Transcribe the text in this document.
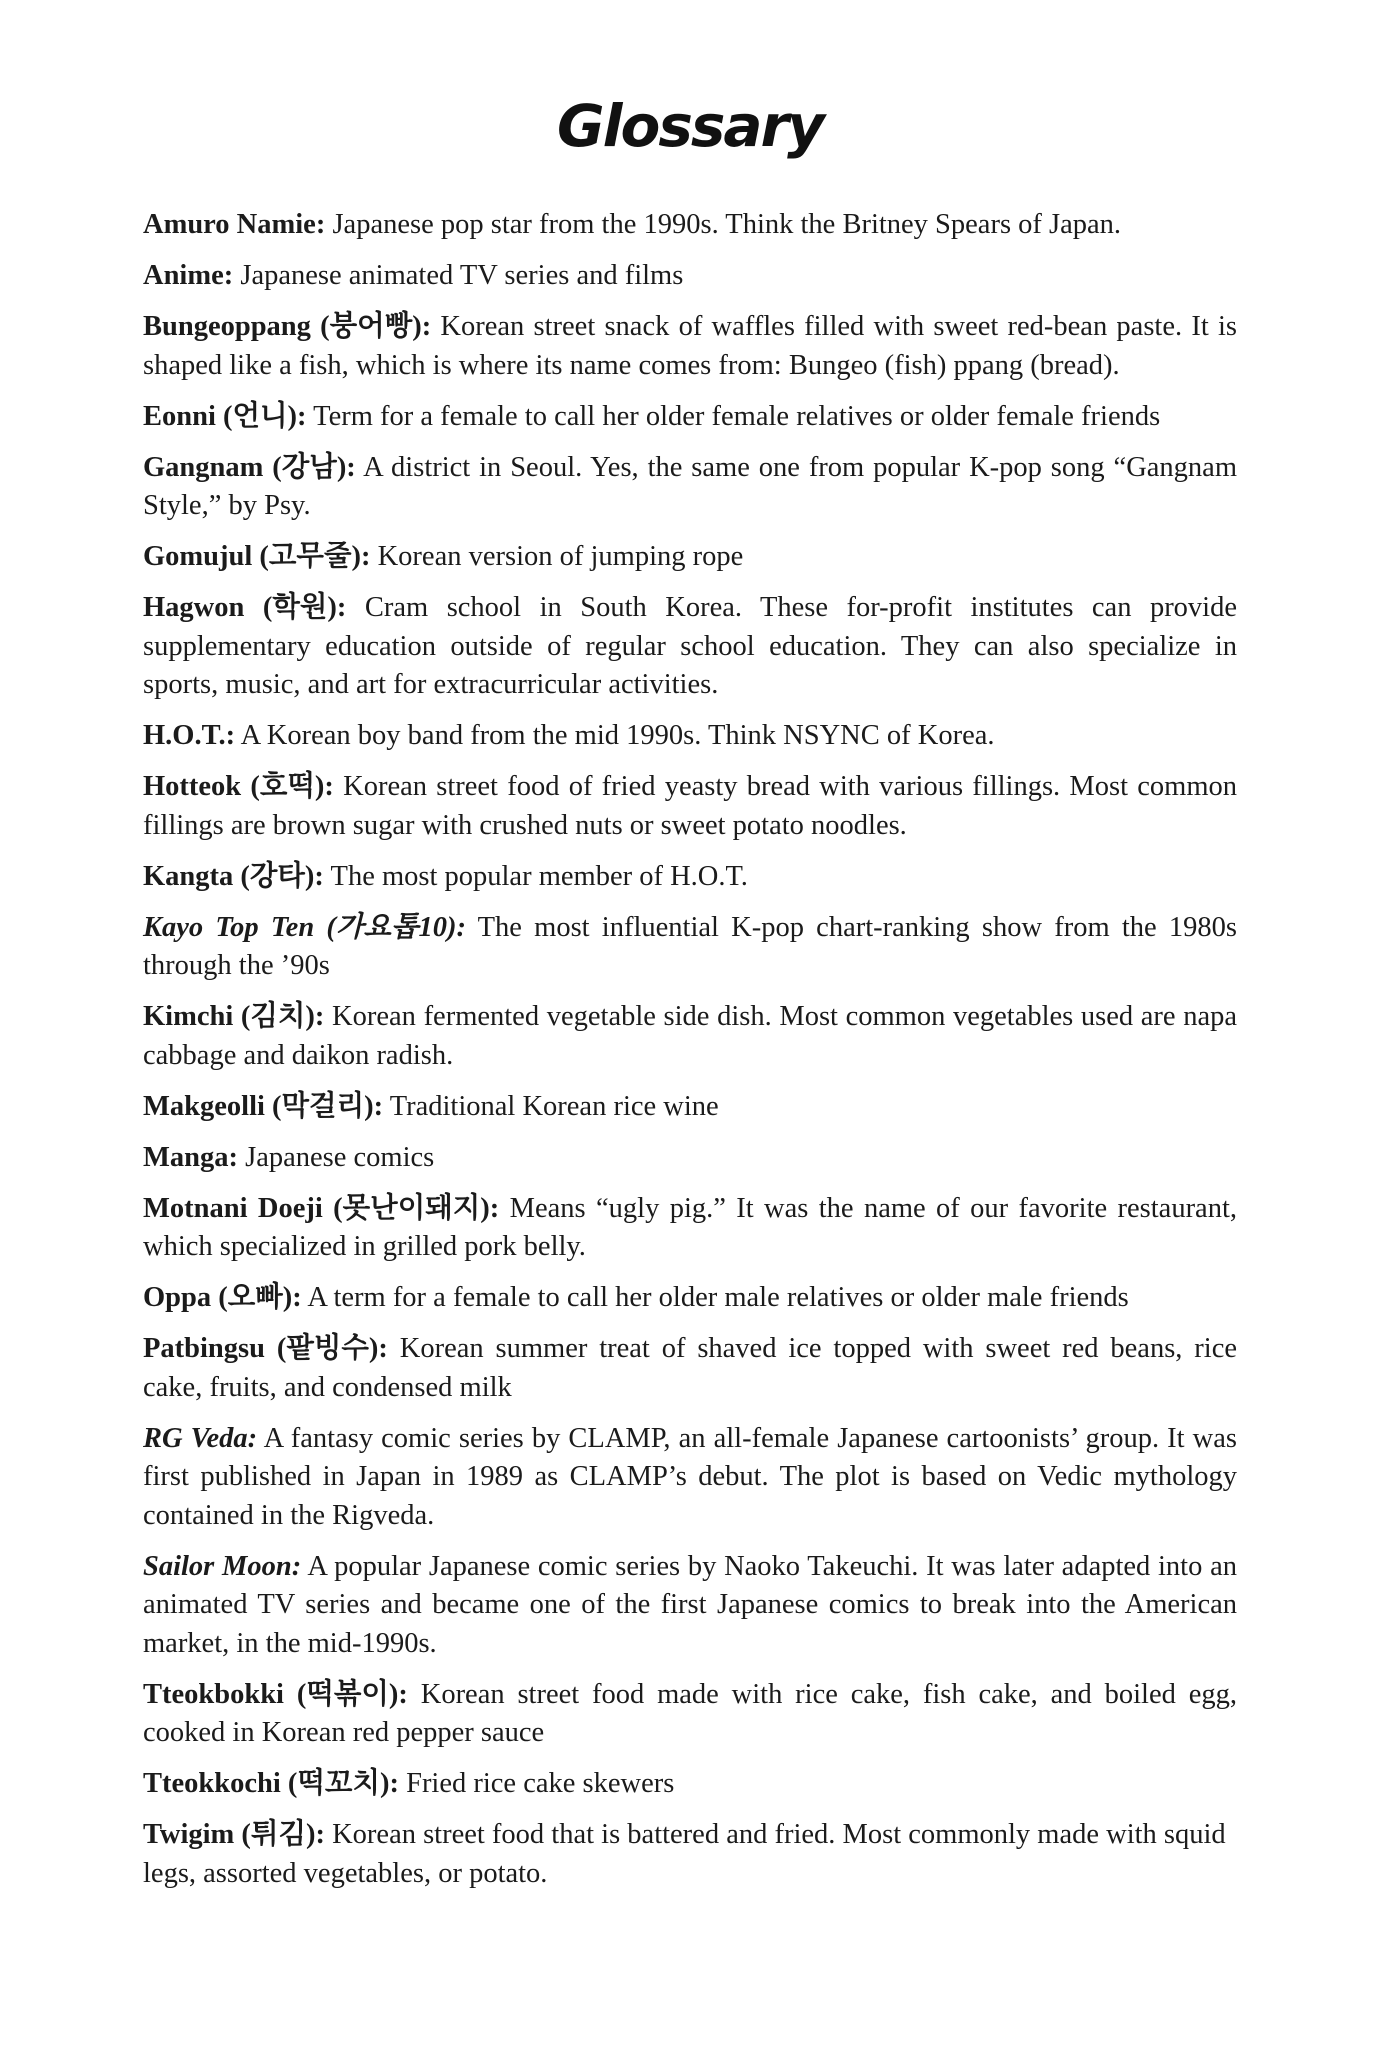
Glossary

Amuro Namie: Japanese pop star from the 1990s. Think the Britney Spears of Japan.

Anime: Japanese animated TV series and films

Bungeoppang (붕어빵): Korean street snack of waffles filled with sweet red-bean paste. It is shaped like a fish, which is where its name comes from: Bungeo (fish) ppang (bread).

Eonni (언니): Term for a female to call her older female relatives or older female friends

Gangnam (강남): A district in Seoul. Yes, the same one from popular K-pop song “Gangnam Style,” by Psy.

Gomujul (고무줄): Korean version of jumping rope

Hagwon (학원): Cram school in South Korea. These for-profit institutes can provide supplementary education outside of regular school education. They can also specialize in sports, music, and art for extracurricular activities.

H.O.T.: A Korean boy band from the mid 1990s. Think NSYNC of Korea.

Hotteok (호떡): Korean street food of fried yeasty bread with various fillings. Most common fillings are brown sugar with crushed nuts or sweet potato noodles.

Kangta (강타): The most popular member of H.O.T.

Kayo Top Ten (가요톱10): The most influential K-pop chart-ranking show from the 1980s through the ’90s

Kimchi (김치): Korean fermented vegetable side dish. Most common vegetables used are napa cabbage and daikon radish.

Makgeolli (막걸리): Traditional Korean rice wine

Manga: Japanese comics

Motnani Doeji (못난이돼지): Means “ugly pig.” It was the name of our favorite restaurant, which specialized in grilled pork belly.

Oppa (오빠): A term for a female to call her older male relatives or older male friends

Patbingsu (팥빙수): Korean summer treat of shaved ice topped with sweet red beans, rice cake, fruits, and condensed milk

RG Veda: A fantasy comic series by CLAMP, an all-female Japanese cartoonists’ group. It was first published in Japan in 1989 as CLAMP’s debut. The plot is based on Vedic mythology contained in the Rigveda.

Sailor Moon: A popular Japanese comic series by Naoko Takeuchi. It was later adapted into an animated TV series and became one of the first Japanese comics to break into the American market, in the mid-1990s.

Tteokbokki (떡볶이): Korean street food made with rice cake, fish cake, and boiled egg, cooked in Korean red pepper sauce

Tteokkochi (떡꼬치): Fried rice cake skewers

Twigim (튀김): Korean street food that is battered and fried. Most commonly made with squid legs, assorted vegetables, or potato.
